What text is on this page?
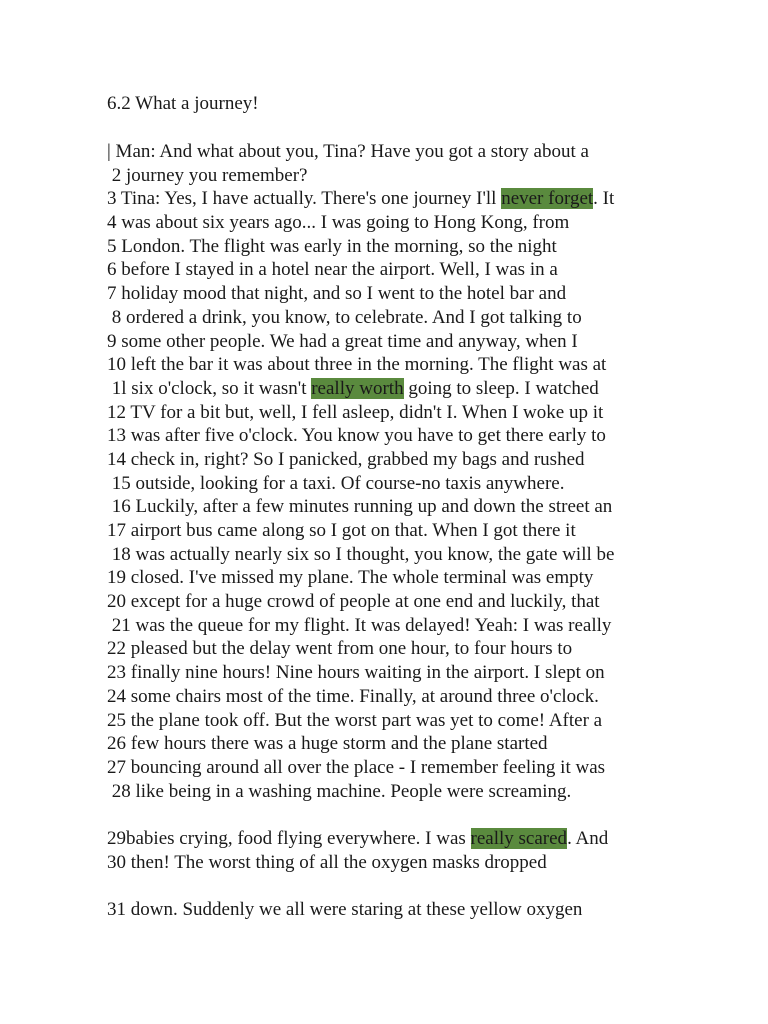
6.2 What a journey!
| Man: And what about you, Tina? Have you got a story about a
2 journey you remember?
3 Tina: Yes, I have actually. There's one journey I'll never forget. It
4 was about six years ago... I was going to Hong Kong, from
5 London. The flight was early in the morning, so the night
6 before I stayed in a hotel near the airport. Well, I was in a
7 holiday mood that night, and so I went to the hotel bar and
8 ordered a drink, you know, to celebrate. And I got talking to
9 some other people. We had a great time and anyway, when I
10 left the bar it was about three in the morning. The flight was at
1l six o'clock, so it wasn't really worth going to sleep. I watched
12 TV for a bit but, well, I fell asleep, didn't I. When I woke up it
13 was after five o'clock. You know you have to get there early to
14 check in, right? So I panicked, grabbed my bags and rushed
15 outside, looking for a taxi. Of course-no taxis anywhere.
16 Luckily, after a few minutes running up and down the street an
17 airport bus came along so I got on that. When I got there it
18 was actually nearly six so I thought, you know, the gate will be
19 closed. I've missed my plane. The whole terminal was empty
20 except for a huge crowd of people at one end and luckily, that
21 was the queue for my flight. It was delayed! Yeah: I was really
22 pleased but the delay went from one hour, to four hours to
23 finally nine hours! Nine hours waiting in the airport. I slept on
24 some chairs most of the time. Finally, at around three o'clock.
25 the plane took off. But the worst part was yet to come! After a
26 few hours there was a huge storm and the plane started
27 bouncing around all over the place - I remember feeling it was
28 like being in a washing machine. People were screaming.
29babies crying, food flying everywhere. I was really scared. And
30 then! The worst thing of all the oxygen masks dropped
31 down. Suddenly we all were staring at these yellow oxygen
